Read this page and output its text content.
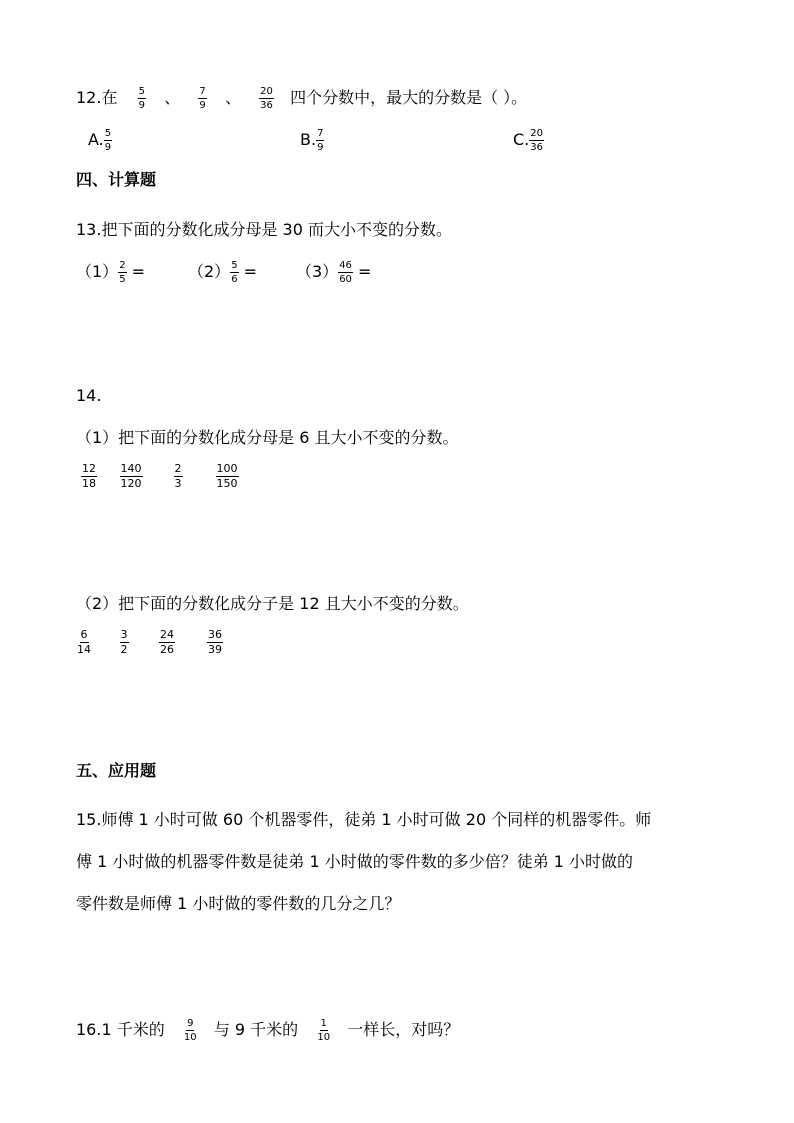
12.在 $\frac{5}{9}$ 、 $\frac{7}{9}$ 、 $\frac{20}{36}$ 四个分数中，最大的分数是（ ）。
A. $\frac{5}{9}$	B. $\frac{7}{9}$	C. $\frac{20}{36}$
四、计算题
13.把下面的分数化成分母是 30 而大小不变的分数。
$(1) \frac{2}{5}$ =	$(2) \frac{5}{6} = (3) \frac{46}{60}$ =
14.
（1）把下面的分数化成分母是 6 且大小不变的分数。
$\frac{12}{18} \frac{140}{120}$	$\frac{2}{3}$	$\frac{100}{150}$
（2）把下面的分数化成分子是 12 且大小不变的分数。
$\frac{6}{14} \frac{3}{2}$	$\frac{24}{26}$	$\frac{36}{39}$
五、应用题
15.师傅 1 小时可做 60 个机器零件，徒弟 1 小时可做 20 个同样的机器零件。师
傅 1 小时做的机器零件数是徒弟 1 小时做的零件数的多少倍？徒弟 1 小时做的
零件数是师傅 1 小时做的零件数的几分之几？
16.1 千米的 $\frac{9}{10}$ 与 9 千米的 $\frac{1}{10}$ 一样长，对吗？
